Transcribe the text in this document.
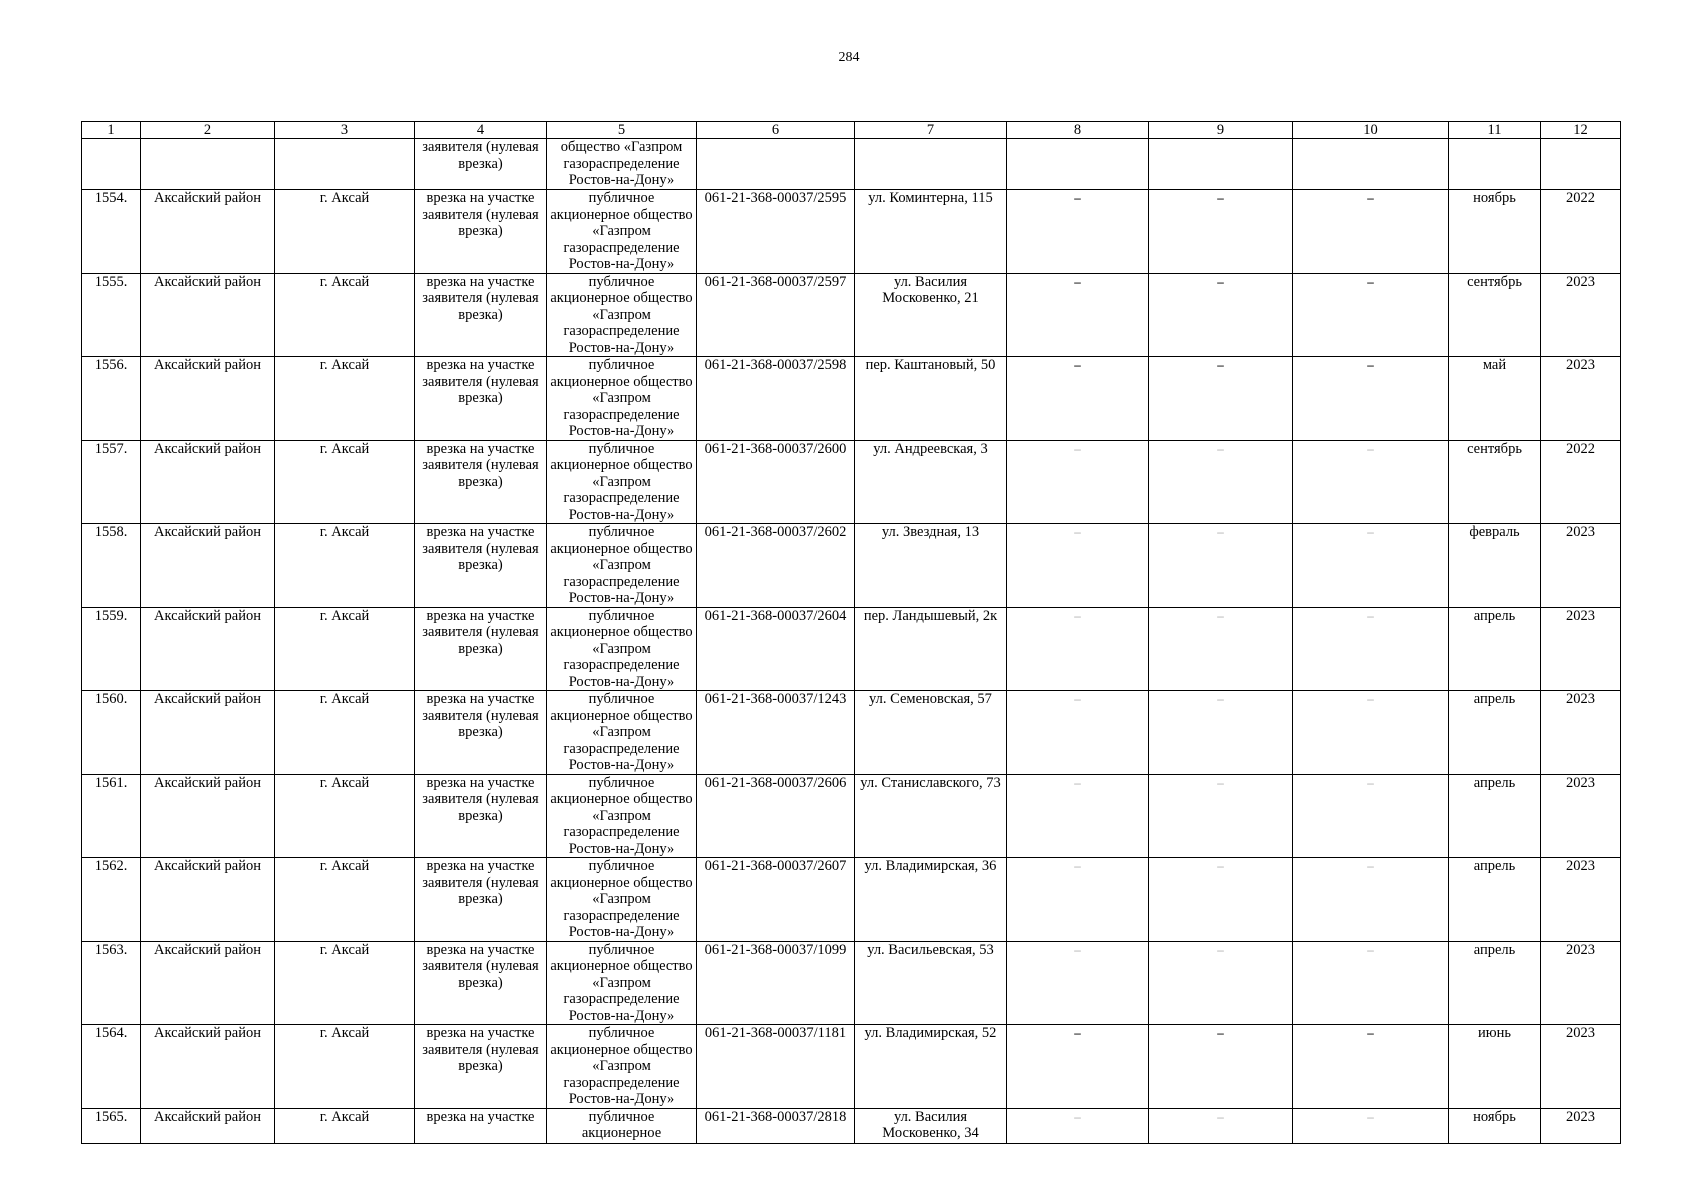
284
1	2	3	4	5	6	7	8	9	10	11	12
			заявителя (нулевая врезка)	общество «Газпром газораспределение Ростов-на-Дону»							
1554.	Аксайский район	г. Аксай	врезка на участке заявителя (нулевая врезка)	публичное акционерное общество «Газпром газораспределение Ростов-на-Дону»	061-21-368-00037/2595	ул. Коминтерна, 115	–	–	–	ноябрь	2022
1555.	Аксайский район	г. Аксай	врезка на участке заявителя (нулевая врезка)	публичное акционерное общество «Газпром газораспределение Ростов-на-Дону»	061-21-368-00037/2597	ул. Василия Московенко, 21	–	–	–	сентябрь	2023
1556.	Аксайский район	г. Аксай	врезка на участке заявителя (нулевая врезка)	публичное акционерное общество «Газпром газораспределение Ростов-на-Дону»	061-21-368-00037/2598	пер. Каштановый, 50	–	–	–	май	2023
1557.	Аксайский район	г. Аксай	врезка на участке заявителя (нулевая врезка)	публичное акционерное общество «Газпром газораспределение Ростов-на-Дону»	061-21-368-00037/2600	ул. Андреевская, 3	–	–	–	сентябрь	2022
1558.	Аксайский район	г. Аксай	врезка на участке заявителя (нулевая врезка)	публичное акционерное общество «Газпром газораспределение Ростов-на-Дону»	061-21-368-00037/2602	ул. Звездная, 13	–	–	–	февраль	2023
1559.	Аксайский район	г. Аксай	врезка на участке заявителя (нулевая врезка)	публичное акционерное общество «Газпром газораспределение Ростов-на-Дону»	061-21-368-00037/2604	пер. Ландышевый, 2к	–	–	–	апрель	2023
1560.	Аксайский район	г. Аксай	врезка на участке заявителя (нулевая врезка)	публичное акционерное общество «Газпром газораспределение Ростов-на-Дону»	061-21-368-00037/1243	ул. Семеновская, 57	–	–	–	апрель	2023
1561.	Аксайский район	г. Аксай	врезка на участке заявителя (нулевая врезка)	публичное акционерное общество «Газпром газораспределение Ростов-на-Дону»	061-21-368-00037/2606	ул. Станиславского, 73	–	–	–	апрель	2023
1562.	Аксайский район	г. Аксай	врезка на участке заявителя (нулевая врезка)	публичное акционерное общество «Газпром газораспределение Ростов-на-Дону»	061-21-368-00037/2607	ул. Владимирская, 36	–	–	–	апрель	2023
1563.	Аксайский район	г. Аксай	врезка на участке заявителя (нулевая врезка)	публичное акционерное общество «Газпром газораспределение Ростов-на-Дону»	061-21-368-00037/1099	ул. Васильевская, 53	–	–	–	апрель	2023
1564.	Аксайский район	г. Аксай	врезка на участке заявителя (нулевая врезка)	публичное акционерное общество «Газпром газораспределение Ростов-на-Дону»	061-21-368-00037/1181	ул. Владимирская, 52	–	–	–	июнь	2023
1565.	Аксайский район	г. Аксай	врезка на участке	публичное акционерное	061-21-368-00037/2818	ул. Василия Московенко, 34	–	–	–	ноябрь	2023
